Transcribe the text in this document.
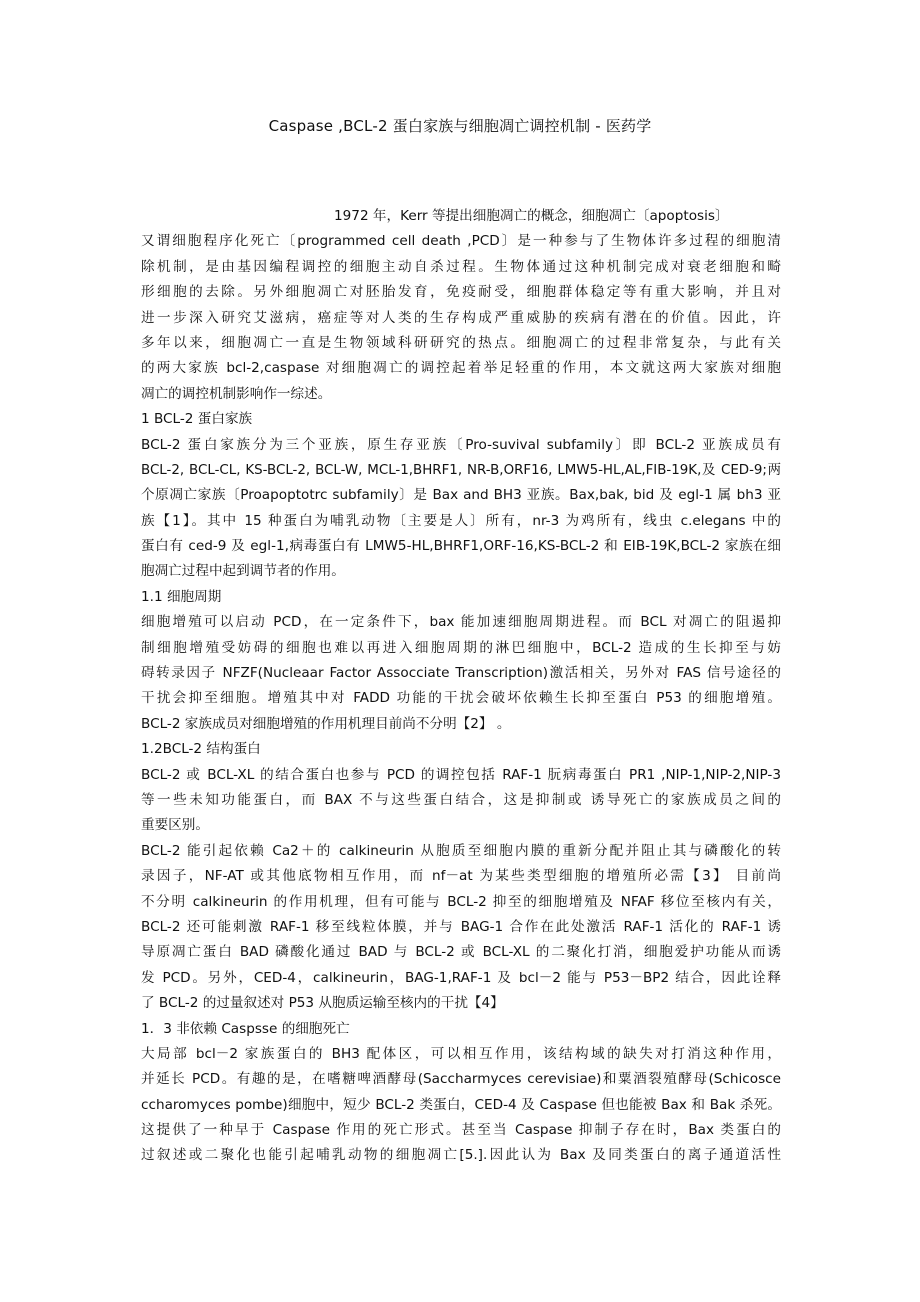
Caspase ,BCL-2 蛋白家族与细胞凋亡调控机制 - 医药学
1972 年，Kerr 等提出细胞凋亡的概念，细胞凋亡〔apoptosis〕
又谓细胞程序化死亡〔programmed cell death ,PCD〕是一种参与了生物体许多过程的细胞清
除机制，是由基因编程调控的细胞主动自杀过程。生物体通过这种机制完成对衰老细胞和畸
形细胞的去除。另外细胞凋亡对胚胎发育，免疫耐受，细胞群体稳定等有重大影响，并且对
进一步深入研究艾滋病，癌症等对人类的生存构成严重威胁的疾病有潜在的价值。因此，许
多年以来，细胞凋亡一直是生物领域科研研究的热点。细胞凋亡的过程非常复杂，与此有关
的两大家族 bcl-2,caspase 对细胞凋亡的调控起着举足轻重的作用，本文就这两大家族对细胞
凋亡的调控机制影响作一综述。
1 BCL-2 蛋白家族
BCL-2 蛋白家族分为三个亚族，原生存亚族〔Pro-suvival subfamily〕即 BCL-2 亚族成员有
BCL-2, BCL-CL, KS-BCL-2, BCL-W, MCL-1,BHRF1, NR-B,ORF16, LMW5-HL,AL,FIB-19K,及 CED-9;两
个原凋亡家族〔Proapoptotrc subfamily〕是 Bax and BH3 亚族。Bax,bak, bid 及 egl-1 属 bh3 亚
族【1】。其中 15 种蛋白为哺乳动物〔主要是人〕所有，nr-3 为鸡所有，线虫 c.elegans 中的
蛋白有 ced-9 及 egl-1,病毒蛋白有 LMW5-HL,BHRF1,ORF-16,KS-BCL-2 和 EIB-19K,BCL-2 家族在细
胞凋亡过程中起到调节者的作用。
1.1 细胞周期
细胞增殖可以启动 PCD，在一定条件下，bax 能加速细胞周期进程。而 BCL 对凋亡的阻遏抑
制细胞增殖受妨碍的细胞也难以再进入细胞周期的淋巴细胞中，BCL-2 造成的生长抑至与妨
碍转录因子 NFZF(Nucleaar Factor Assocciate Transcription)激活相关，另外对 FAS 信号途径的
干扰会抑至细胞。增殖其中对 FADD 功能的干扰会破坏依赖生长抑至蛋白 P53 的细胞增殖。
BCL-2 家族成员对细胞增殖的作用机理目前尚不分明【2】 。
1.2BCL-2 结构蛋白
BCL-2 或 BCL-XL 的结合蛋白也参与 PCD 的调控包括 RAF-1 朊病毒蛋白 PR1 ,NIP-1,NIP-2,NIP-3
等一些未知功能蛋白，而 BAX 不与这些蛋白结合，这是抑制或 诱导死亡的家族成员之间的
重要区别。
BCL-2 能引起依赖 Ca2＋的 calkineurin 从胞质至细胞内膜的重新分配并阻止其与磷酸化的转
录因子，NF-AT 或其他底物相互作用，而 nf－at 为某些类型细胞的增殖所必需【3】 目前尚
不分明 calkineurin 的作用机理，但有可能与 BCL-2 抑至的细胞增殖及 NFAF 移位至核内有关，
BCL-2 还可能刺激 RAF-1 移至线粒体膜，并与 BAG-1 合作在此处激活 RAF-1 活化的 RAF-1 诱
导原凋亡蛋白 BAD 磷酸化通过 BAD 与 BCL-2 或 BCL-XL 的二聚化打消，细胞爱护功能从而诱
发 PCD。另外，CED-4，calkineurin，BAG-1,RAF-1 及 bcl－2 能与 P53－BP2 结合，因此诠释
了 BCL-2 的过量叙述对 P53 从胞质运输至核内的干扰【4】
1．3 非依赖 Caspsse 的细胞死亡
大局部 bcl－2 家族蛋白的 BH3 配体区，可以相互作用，该结构域的缺失对打消这种作用，
并延长 PCD。有趣的是，在嗜糖啤酒酵母(Saccharmyces cerevisiae)和粟酒裂殖酵母(Schicosce
ccharomyces pombe)细胞中，短少 BCL-2 类蛋白，CED-4 及 Caspase 但也能被 Bax 和 Bak 杀死。
这提供了一种早于 Caspase 作用的死亡形式。甚至当 Caspase 抑制子存在时，Bax 类蛋白的
过叙述或二聚化也能引起哺乳动物的细胞凋亡[5.].因此认为 Bax 及同类蛋白的离子通道活性
